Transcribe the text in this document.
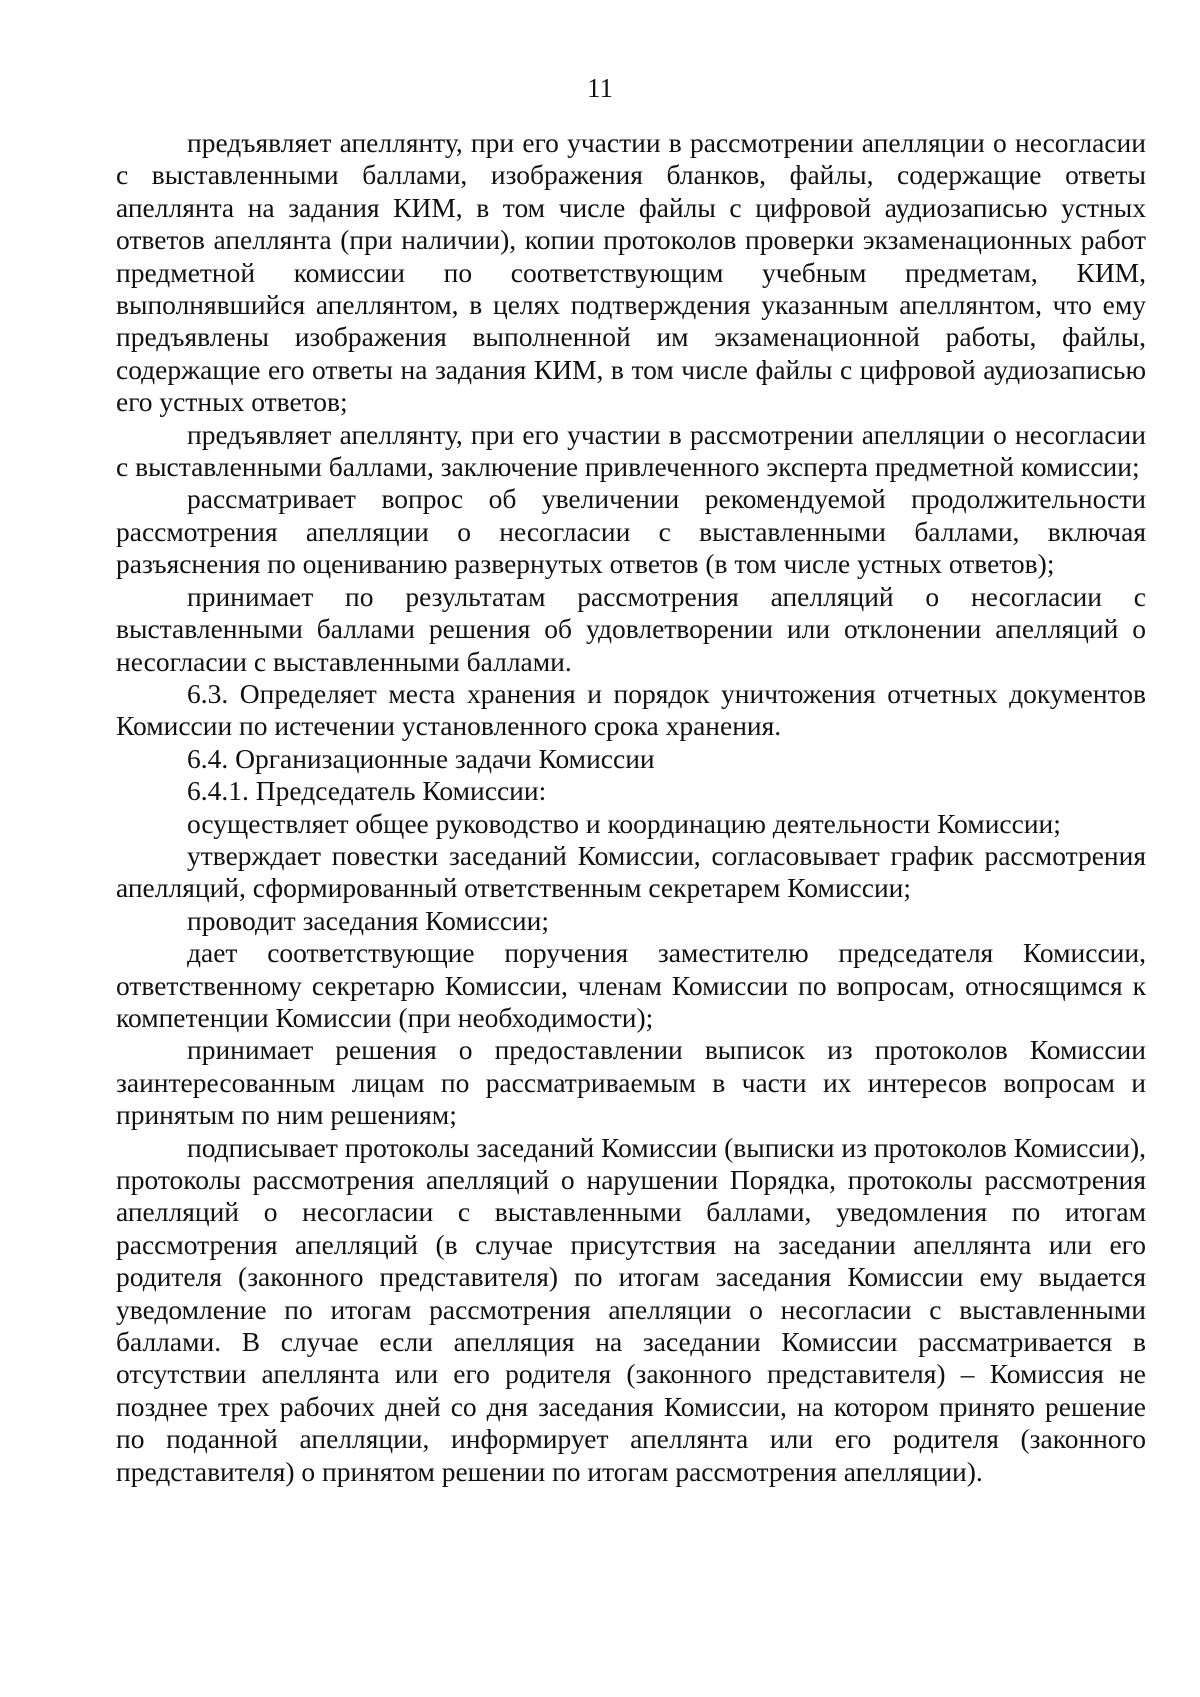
11

предъявляет апеллянту, при его участии в рассмотрении апелляции о несогласии с выставленными баллами, изображения бланков, файлы, содержащие ответы апеллянта на задания КИМ, в том числе файлы с цифровой аудиозаписью устных ответов апеллянта (при наличии), копии протоколов проверки экзаменационных работ предметной комиссии по соответствующим учебным предметам, КИМ, выполнявшийся апеллянтом, в целях подтверждения указанным апеллянтом, что ему предъявлены изображения выполненной им экзаменационной работы, файлы, содержащие его ответы на задания КИМ, в том числе файлы с цифровой аудиозаписью его устных ответов;

предъявляет апеллянту, при его участии в рассмотрении апелляции о несогласии с выставленными баллами, заключение привлеченного эксперта предметной комиссии;

рассматривает вопрос об увеличении рекомендуемой продолжительности рассмотрения апелляции о несогласии с выставленными баллами, включая разъяснения по оцениванию развернутых ответов (в том числе устных ответов);

принимает по результатам рассмотрения апелляций о несогласии с выставленными баллами решения об удовлетворении или отклонении апелляций о несогласии с выставленными баллами.

6.3. Определяет места хранения и порядок уничтожения отчетных документов Комиссии по истечении установленного срока хранения.

6.4. Организационные задачи Комиссии

6.4.1. Председатель Комиссии:

осуществляет общее руководство и координацию деятельности Комиссии;

утверждает повестки заседаний Комиссии, согласовывает график рассмотрения апелляций, сформированный ответственным секретарем Комиссии;

проводит заседания Комиссии;

дает соответствующие поручения заместителю председателя Комиссии, ответственному секретарю Комиссии, членам Комиссии по вопросам, относящимся к компетенции Комиссии (при необходимости);

принимает решения о предоставлении выписок из протоколов Комиссии заинтересованным лицам по рассматриваемым в части их интересов вопросам и принятым по ним решениям;

подписывает протоколы заседаний Комиссии (выписки из протоколов Комиссии), протоколы рассмотрения апелляций о нарушении Порядка, протоколы рассмотрения апелляций о несогласии с выставленными баллами, уведомления по итогам рассмотрения апелляций (в случае присутствия на заседании апеллянта или его родителя (законного представителя) по итогам заседания Комиссии ему выдается уведомление по итогам рассмотрения апелляции о несогласии с выставленными баллами. В случае если апелляция на заседании Комиссии рассматривается в отсутствии апеллянта или его родителя (законного представителя) – Комиссия не позднее трех рабочих дней со дня заседания Комиссии, на котором принято решение по поданной апелляции, информирует апеллянта или его родителя (законного представителя) о принятом решении по итогам рассмотрения апелляции).
